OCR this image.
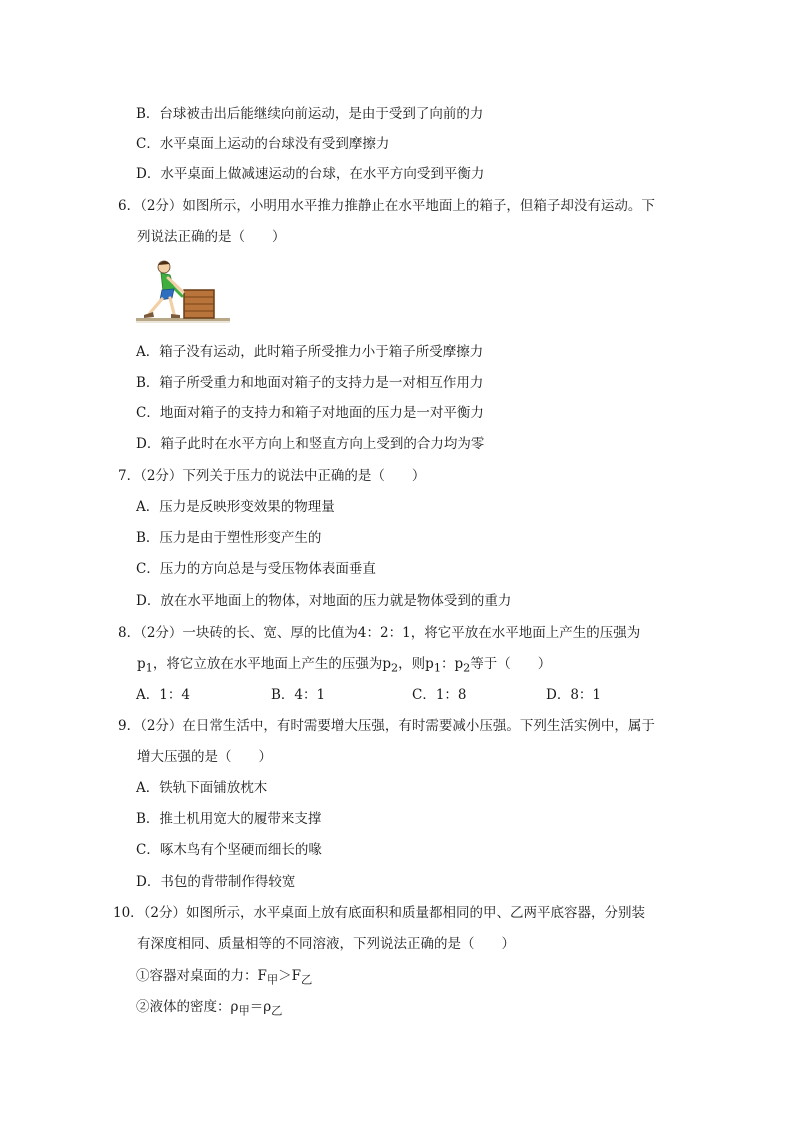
B．台球被击出后能继续向前运动，是由于受到了向前的力
C．水平桌面上运动的台球没有受到摩擦力
D．水平桌面上做减速运动的台球，在水平方向受到平衡力
6．（2分）如图所示，小明用水平推力推静止在水平地面上的箱子，但箱子却没有运动。下
列说法正确的是（　　）
A．箱子没有运动，此时箱子所受推力小于箱子所受摩擦力
B．箱子所受重力和地面对箱子的支持力是一对相互作用力
C．地面对箱子的支持力和箱子对地面的压力是一对平衡力
D．箱子此时在水平方向上和竖直方向上受到的合力均为零
7．（2分）下列关于压力的说法中正确的是（　　）
A．压力是反映形变效果的物理量
B．压力是由于塑性形变产生的
C．压力的方向总是与受压物体表面垂直
D．放在水平地面上的物体，对地面的压力就是物体受到的重力
8．（2分）一块砖的长、宽、厚的比值为4：2：1，将它平放在水平地面上产生的压强为
$p_1$，将它立放在水平地面上产生的压强为$p_2$，则$p_1$：$p_2$等于（　　）
A．1：4	B．4：1	C．1：8	D．8：1
9．（2分）在日常生活中，有时需要增大压强，有时需要减小压强。下列生活实例中，属于
增大压强的是（　　）
A．铁轨下面铺放枕木
B．推土机用宽大的履带来支撑
C．啄木鸟有个坚硬而细长的喙
D．书包的背带制作得较宽
10．（2分）如图所示，水平桌面上放有底面积和质量都相同的甲、乙两平底容器，分别装
有深度相同、质量相等的不同溶液，下列说法正确的是（　　）
①容器对桌面的力：$F_甲>F_乙$
②液体的密度：$\rho_甲=\rho_乙$
